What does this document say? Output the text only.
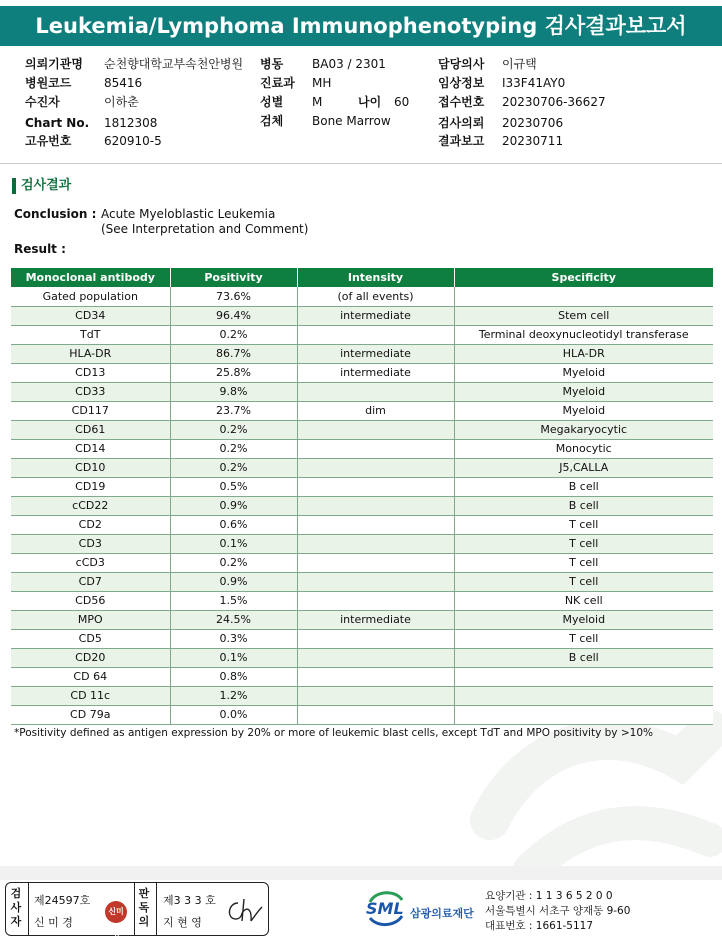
Leukemia/Lymphoma Immunophenotyping 검사결과보고서
의뢰기관명 순천향대학교부속천안병원
병원코드	85416
수진자	이하춘
Chart No. 1812308
고유번호	620910-5
병동 BA03 / 2301
진료과 MH
성별 M	나이 60
검체 Bone Marrow
담당의사 이규택
임상정보 I33F41AY0
접수번호 20230706-36627
검사의뢰 20230706
결과보고 20230711
검사결과
Conclusion : Acute Myeloblastic Leukemia
(See Interpretation and Comment)
Result :
Monoclonal antibody	Positivity	Intensity	Specificity
Gated population	73.6%	(of all events)	
CD34	96.4%	intermediate	Stem cell
TdT	0.2%		Terminal deoxynucleotidyl transferase
HLA-DR	86.7%	intermediate	HLA-DR
CD13	25.8%	intermediate	Myeloid
CD33	9.8%		Myeloid
CD117	23.7%	dim	Myeloid
CD61	0.2%		Megakaryocytic
CD14	0.2%		Monocytic
CD10	0.2%		J5,CALLA
CD19	0.5%		B cell
cCD22	0.9%		B cell
CD2	0.6%		T cell
CD3	0.1%		T cell
cCD3	0.2%		T cell
CD7	0.9%		T cell
CD56	1.5%		NK cell
MPO	24.5%	intermediate	Myeloid
CD5	0.3%		T cell
CD20	0.1%		B cell
CD 64	0.8%		
CD 11c	1.2%		
CD 79a	0.0%		
*Positivity defined as antigen expression by 20% or more of leukemic blast cells, except TdT and MPO positivity by >10%
검사자
제24597호
신 미 경
신미경
판독의
제3 3 3 호
지 현 영
SML 삼광의료재단
요양기관 : 1 1 3 6 5 2 0 0
서울특별시 서초구 양재동 9-60
대표번호 : 1661-5117
